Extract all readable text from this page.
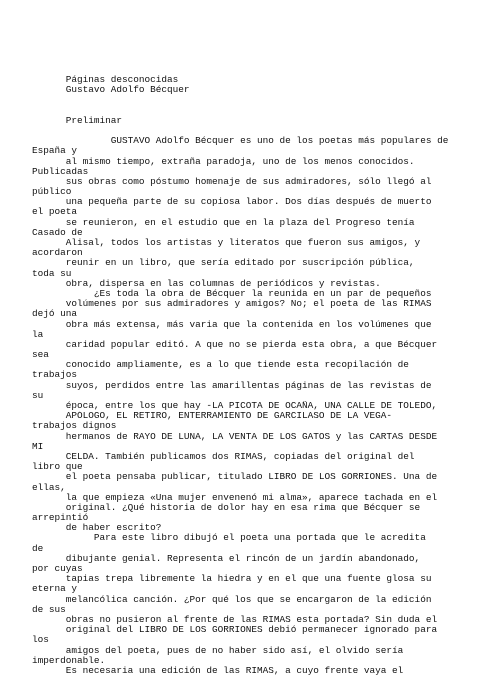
Páginas desconocidas
Gustavo Adolfo Bécquer
Preliminar
GUSTAVO Adolfo Bécquer es uno de los poetas más populares de
España y
al mismo tiempo, extraña paradoja, uno de los menos conocidos.
Publicadas
sus obras como póstumo homenaje de sus admiradores, sólo llegó al
público
una pequeña parte de su copiosa labor. Dos días después de muerto
el poeta
se reunieron, en el estudio que en la plaza del Progreso tenía
Casado de
Alisal, todos los artistas y literatos que fueron sus amigos, y
acordaron
reunir en un libro, que sería editado por suscripción pública,
toda su
obra, dispersa en las columnas de periódicos y revistas.
¿Es toda la obra de Bécquer la reunida en un par de pequeños
volúmenes por sus admiradores y amigos? No; el poeta de las RIMAS
dejó una
obra más extensa, más varia que la contenida en los volúmenes que
la
caridad popular editó. A que no se pierda esta obra, a que Bécquer
sea
conocido ampliamente, es a lo que tiende esta recopilación de
trabajos
suyos, perdidos entre las amarillentas páginas de las revistas de
su
época, entre los que hay -LA PICOTA DE OCAÑA, UNA CALLE DE TOLEDO,
APÓLOGO, EL RETIRO, ENTERRAMIENTO DE GARCILASO DE LA VEGA-
trabajos dignos
hermanos de RAYO DE LUNA, LA VENTA DE LOS GATOS y las CARTAS DESDE
MI
CELDA. También publicamos dos RIMAS, copiadas del original del
libro que
el poeta pensaba publicar, titulado LIBRO DE LOS GORRIONES. Una de
ellas,
la que empieza «Una mujer envenenó mi alma», aparece tachada en el
original. ¿Qué historia de dolor hay en esa rima que Bécquer se
arrepintió
de haber escrito?
Para este libro dibujó el poeta una portada que le acredita
de
dibujante genial. Representa el rincón de un jardín abandonado,
por cuyas
tapias trepa libremente la hiedra y en el que una fuente glosa su
eterna y
melancólica canción. ¿Por qué los que se encargaron de la edición
de sus
obras no pusieron al frente de las RIMAS esta portada? Sin duda el
original del LIBRO DE LOS GORRIONES debió permanecer ignorado para
los
amigos del poeta, pues de no haber sido así, el olvido sería
imperdonable.
Es necesaria una edición de las RIMAS, a cuyo frente vaya el
